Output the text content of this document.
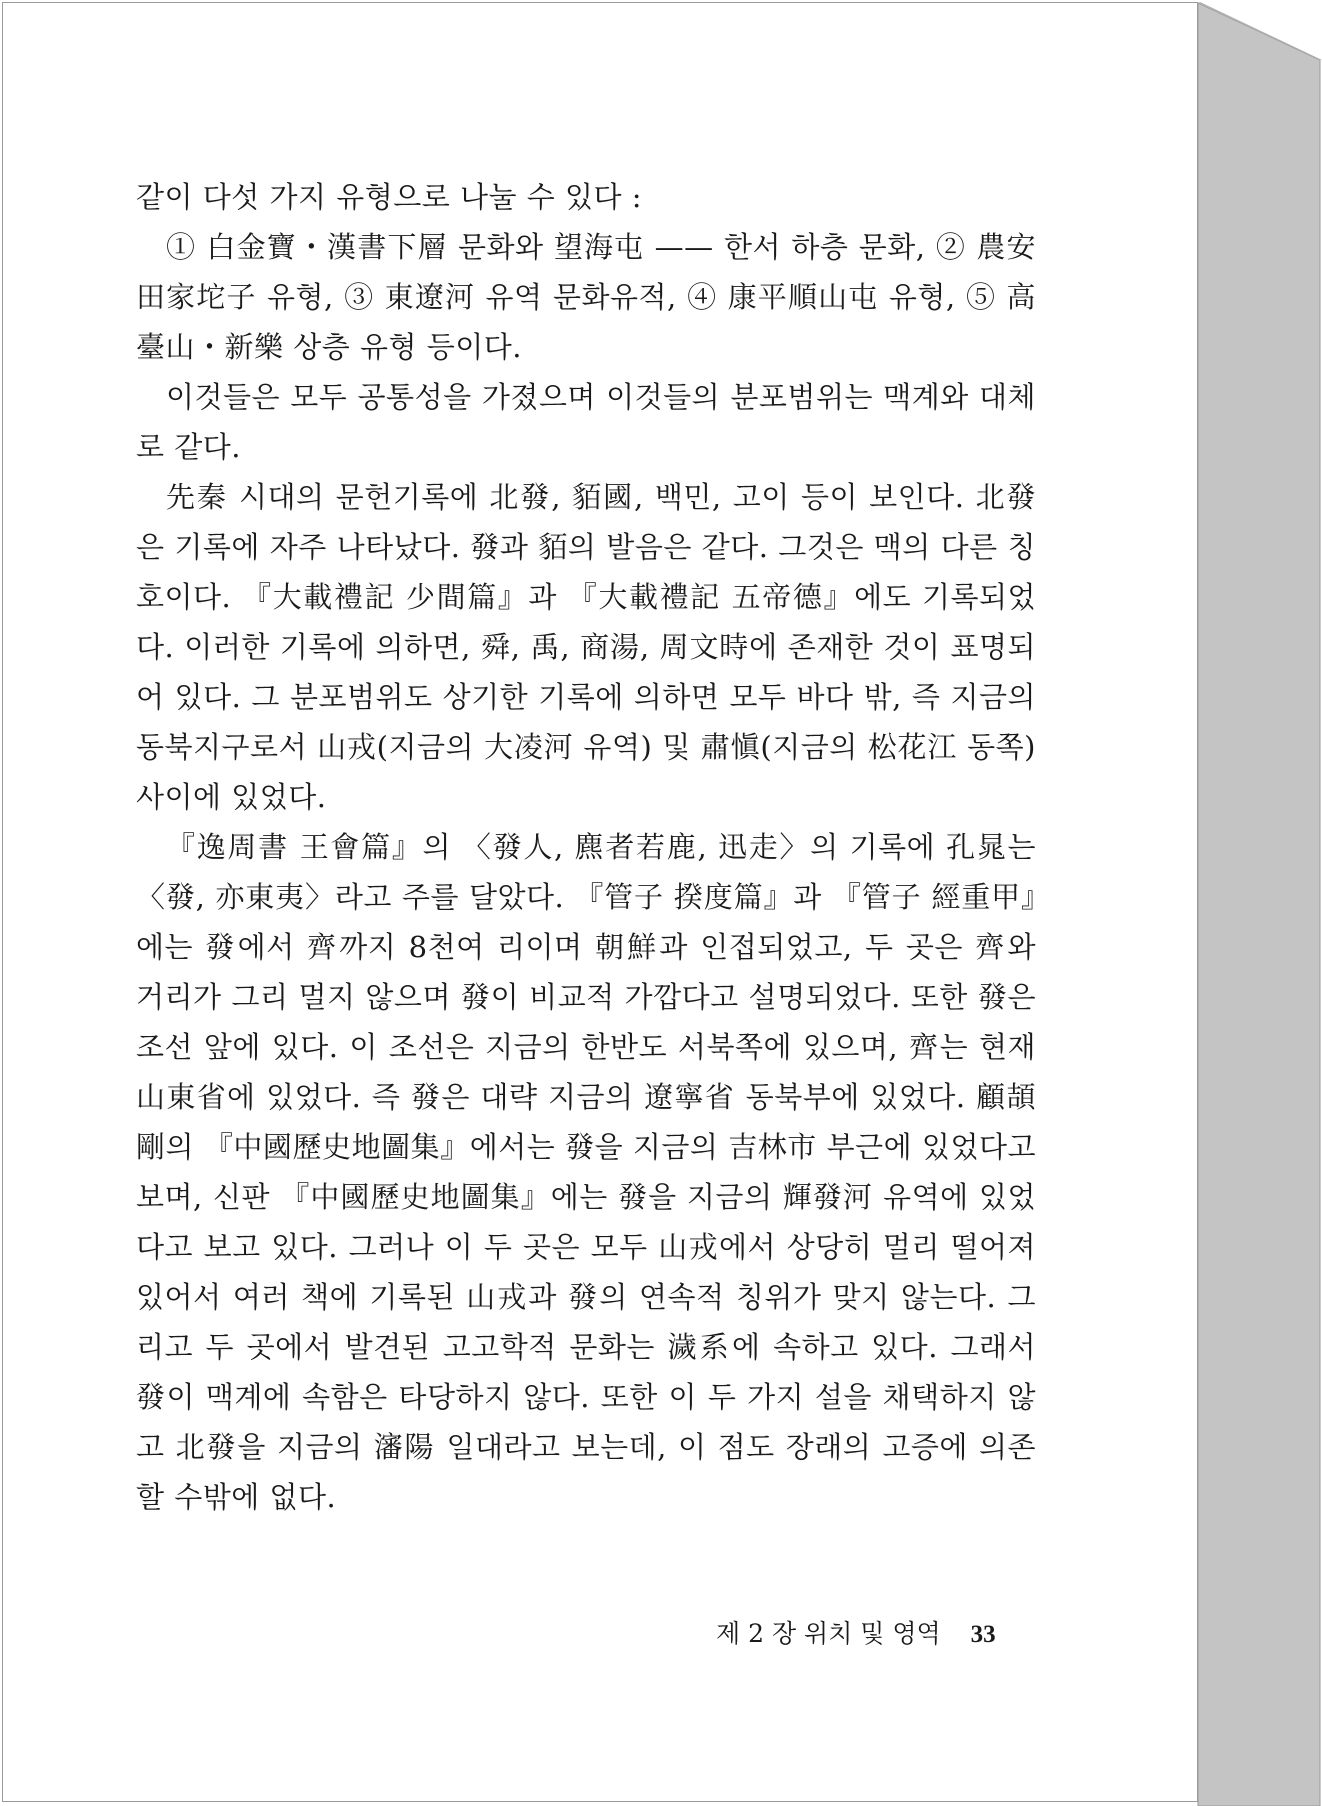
같이 다섯 가지 유형으로 나눌 수 있다 :

① 白金寶・漢書下層 문화와 望海屯 —— 한서 하층 문화, ② 農安田家坨子 유형, ③ 東遼河 유역 문화유적, ④ 康平順山屯 유형, ⑤ 高臺山・新樂 상층 유형 등이다.

이것들은 모두 공통성을 가졌으며 이것들의 분포범위는 맥계와 대체로 같다.

先秦 시대의 문헌기록에 北發, 貊國, 백민, 고이 등이 보인다. 北發은 기록에 자주 나타났다. 發과 貊의 발음은 같다. 그것은 맥의 다른 칭호이다. 『大載禮記 少間篇』과 『大載禮記 五帝德』에도 기록되었다. 이러한 기록에 의하면, 舜, 禹, 商湯, 周文時에 존재한 것이 표명되어 있다. 그 분포범위도 상기한 기록에 의하면 모두 바다 밖, 즉 지금의 동북지구로서 山戎(지금의 大凌河 유역) 및 肅愼(지금의 松花江 동쪽) 사이에 있었다.

『逸周書 王會篇』의 〈發人, 麃者若鹿, 迅走〉의 기록에 孔晁는 〈發, 亦東夷〉라고 주를 달았다. 『管子 揆度篇』과 『管子 經重甲』에는 發에서 齊까지 8천여 리이며 朝鮮과 인접되었고, 두 곳은 齊와 거리가 그리 멀지 않으며 發이 비교적 가깝다고 설명되었다. 또한 發은 조선 앞에 있다. 이 조선은 지금의 한반도 서북쪽에 있으며, 齊는 현재 山東省에 있었다. 즉 發은 대략 지금의 遼寧省 동북부에 있었다. 顧頡剛의 『中國歷史地圖集』에서는 發을 지금의 吉林市 부근에 있었다고 보며, 신판 『中國歷史地圖集』에는 發을 지금의 輝發河 유역에 있었다고 보고 있다. 그러나 이 두 곳은 모두 山戎에서 상당히 멀리 떨어져 있어서 여러 책에 기록된 山戎과 發의 연속적 칭위가 맞지 않는다. 그리고 두 곳에서 발견된 고고학적 문화는 濊系에 속하고 있다. 그래서 發이 맥계에 속함은 타당하지 않다. 또한 이 두 가지 설을 채택하지 않고 北發을 지금의 瀋陽 일대라고 보는데, 이 점도 장래의 고증에 의존할 수밖에 없다.

제 2 장 위치 및 영역 33
